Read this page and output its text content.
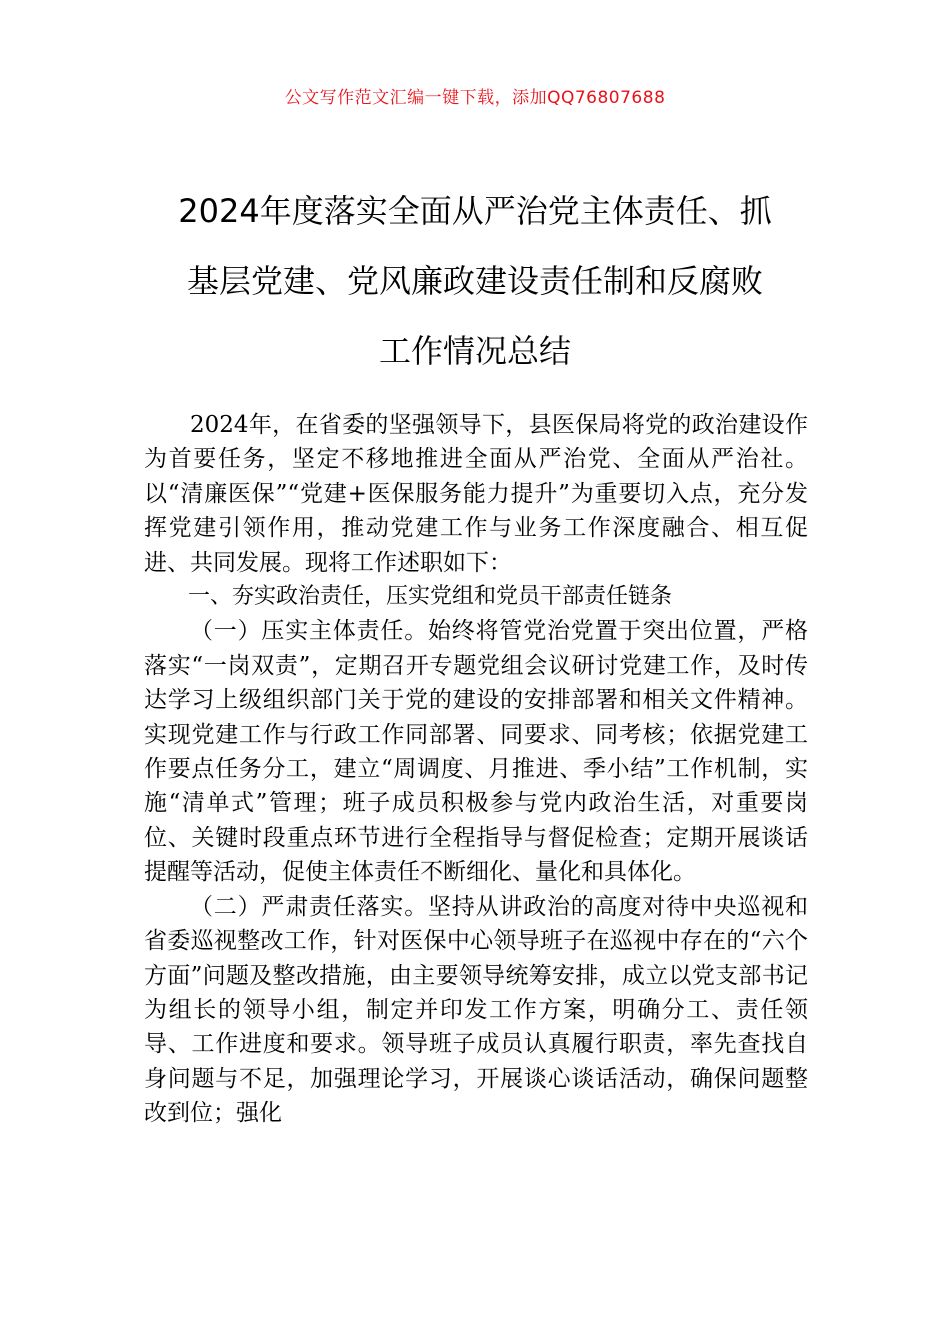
公文写作范文汇编一键下载，添加QQ76807688
2024年度落实全面从严治党主体责任、抓
基层党建、党风廉政建设责任制和反腐败
工作情况总结

2024年，在省委的坚强领导下，县医保局将党的政治建设作为首要任务，坚定不移地推进全面从严治党、全面从严治社。以“清廉医保”“党建+医保服务能力提升”为重要切入点，充分发挥党建引领作用，推动党建工作与业务工作深度融合、相互促进、共同发展。现将工作述职如下：

一、夯实政治责任，压实党组和党员干部责任链条

（一）压实主体责任。始终将管党治党置于突出位置，严格落实“一岗双责”，定期召开专题党组会议研讨党建工作，及时传达学习上级组织部门关于党的建设的安排部署和相关文件精神。实现党建工作与行政工作同部署、同要求、同考核；依据党建工作要点任务分工，建立“周调度、月推进、季小结”工作机制，实施“清单式”管理；班子成员积极参与党内政治生活，对重要岗位、关键时段重点环节进行全程指导与督促检查；定期开展谈话提醒等活动，促使主体责任不断细化、量化和具体化。

（二）严肃责任落实。坚持从讲政治的高度对待中央巡视和省委巡视整改工作，针对医保中心领导班子在巡视中存在的“六个方面”问题及整改措施，由主要领导统筹安排，成立以党支部书记为组长的领导小组，制定并印发工作方案，明确分工、责任领导、工作进度和要求。领导班子成员认真履行职责，率先查找自身问题与不足，加强理论学习，开展谈心谈话活动，确保问题整改到位；强化
